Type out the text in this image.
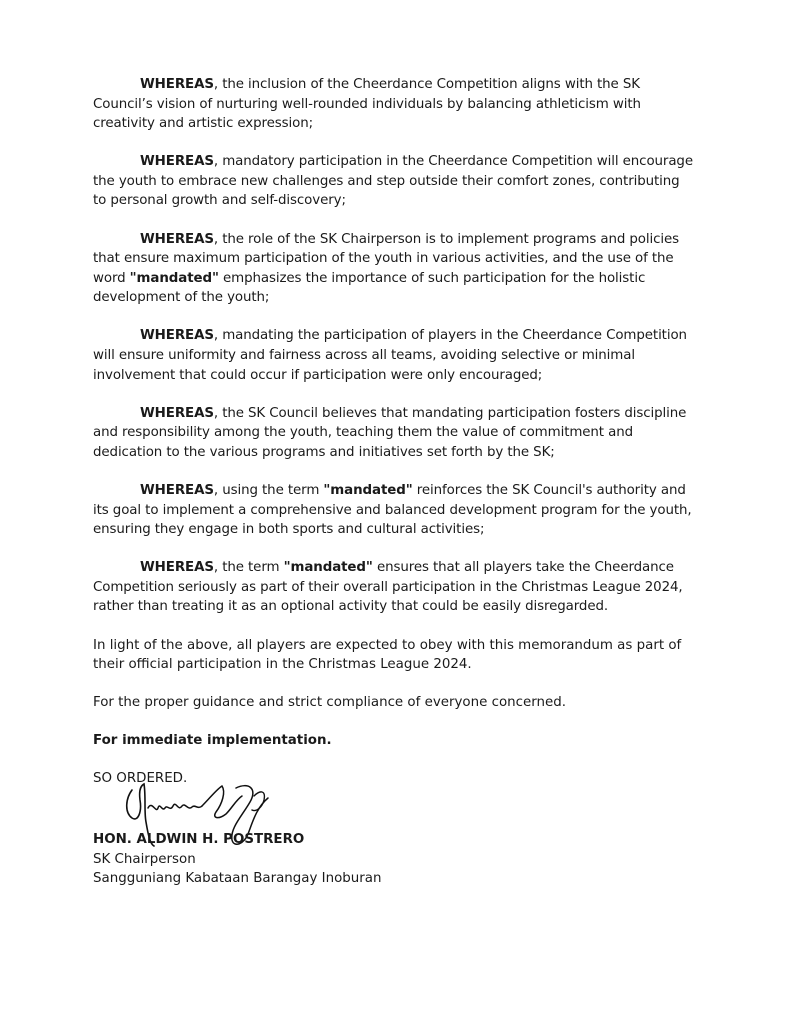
WHEREAS, the inclusion of the Cheerdance Competition aligns with the SK Council’s vision of nurturing well-rounded individuals by balancing athleticism with creativity and artistic expression;

WHEREAS, mandatory participation in the Cheerdance Competition will encourage the youth to embrace new challenges and step outside their comfort zones, contributing to personal growth and self-discovery;

WHEREAS, the role of the SK Chairperson is to implement programs and policies that ensure maximum participation of the youth in various activities, and the use of the word "mandated" emphasizes the importance of such participation for the holistic development of the youth;

WHEREAS, mandating the participation of players in the Cheerdance Competition will ensure uniformity and fairness across all teams, avoiding selective or minimal involvement that could occur if participation were only encouraged;

WHEREAS, the SK Council believes that mandating participation fosters discipline and responsibility among the youth, teaching them the value of commitment and dedication to the various programs and initiatives set forth by the SK;

WHEREAS, using the term "mandated" reinforces the SK Council's authority and its goal to implement a comprehensive and balanced development program for the youth, ensuring they engage in both sports and cultural activities;

WHEREAS, the term "mandated" ensures that all players take the Cheerdance Competition seriously as part of their overall participation in the Christmas League 2024, rather than treating it as an optional activity that could be easily disregarded.

In light of the above, all players are expected to obey with this memorandum as part of their official participation in the Christmas League 2024.

For the proper guidance and strict compliance of everyone concerned.

For immediate implementation.

SO ORDERED.

HON. ALDWIN H. POSTRERO
SK Chairperson
Sangguniang Kabataan Barangay Inoburan
